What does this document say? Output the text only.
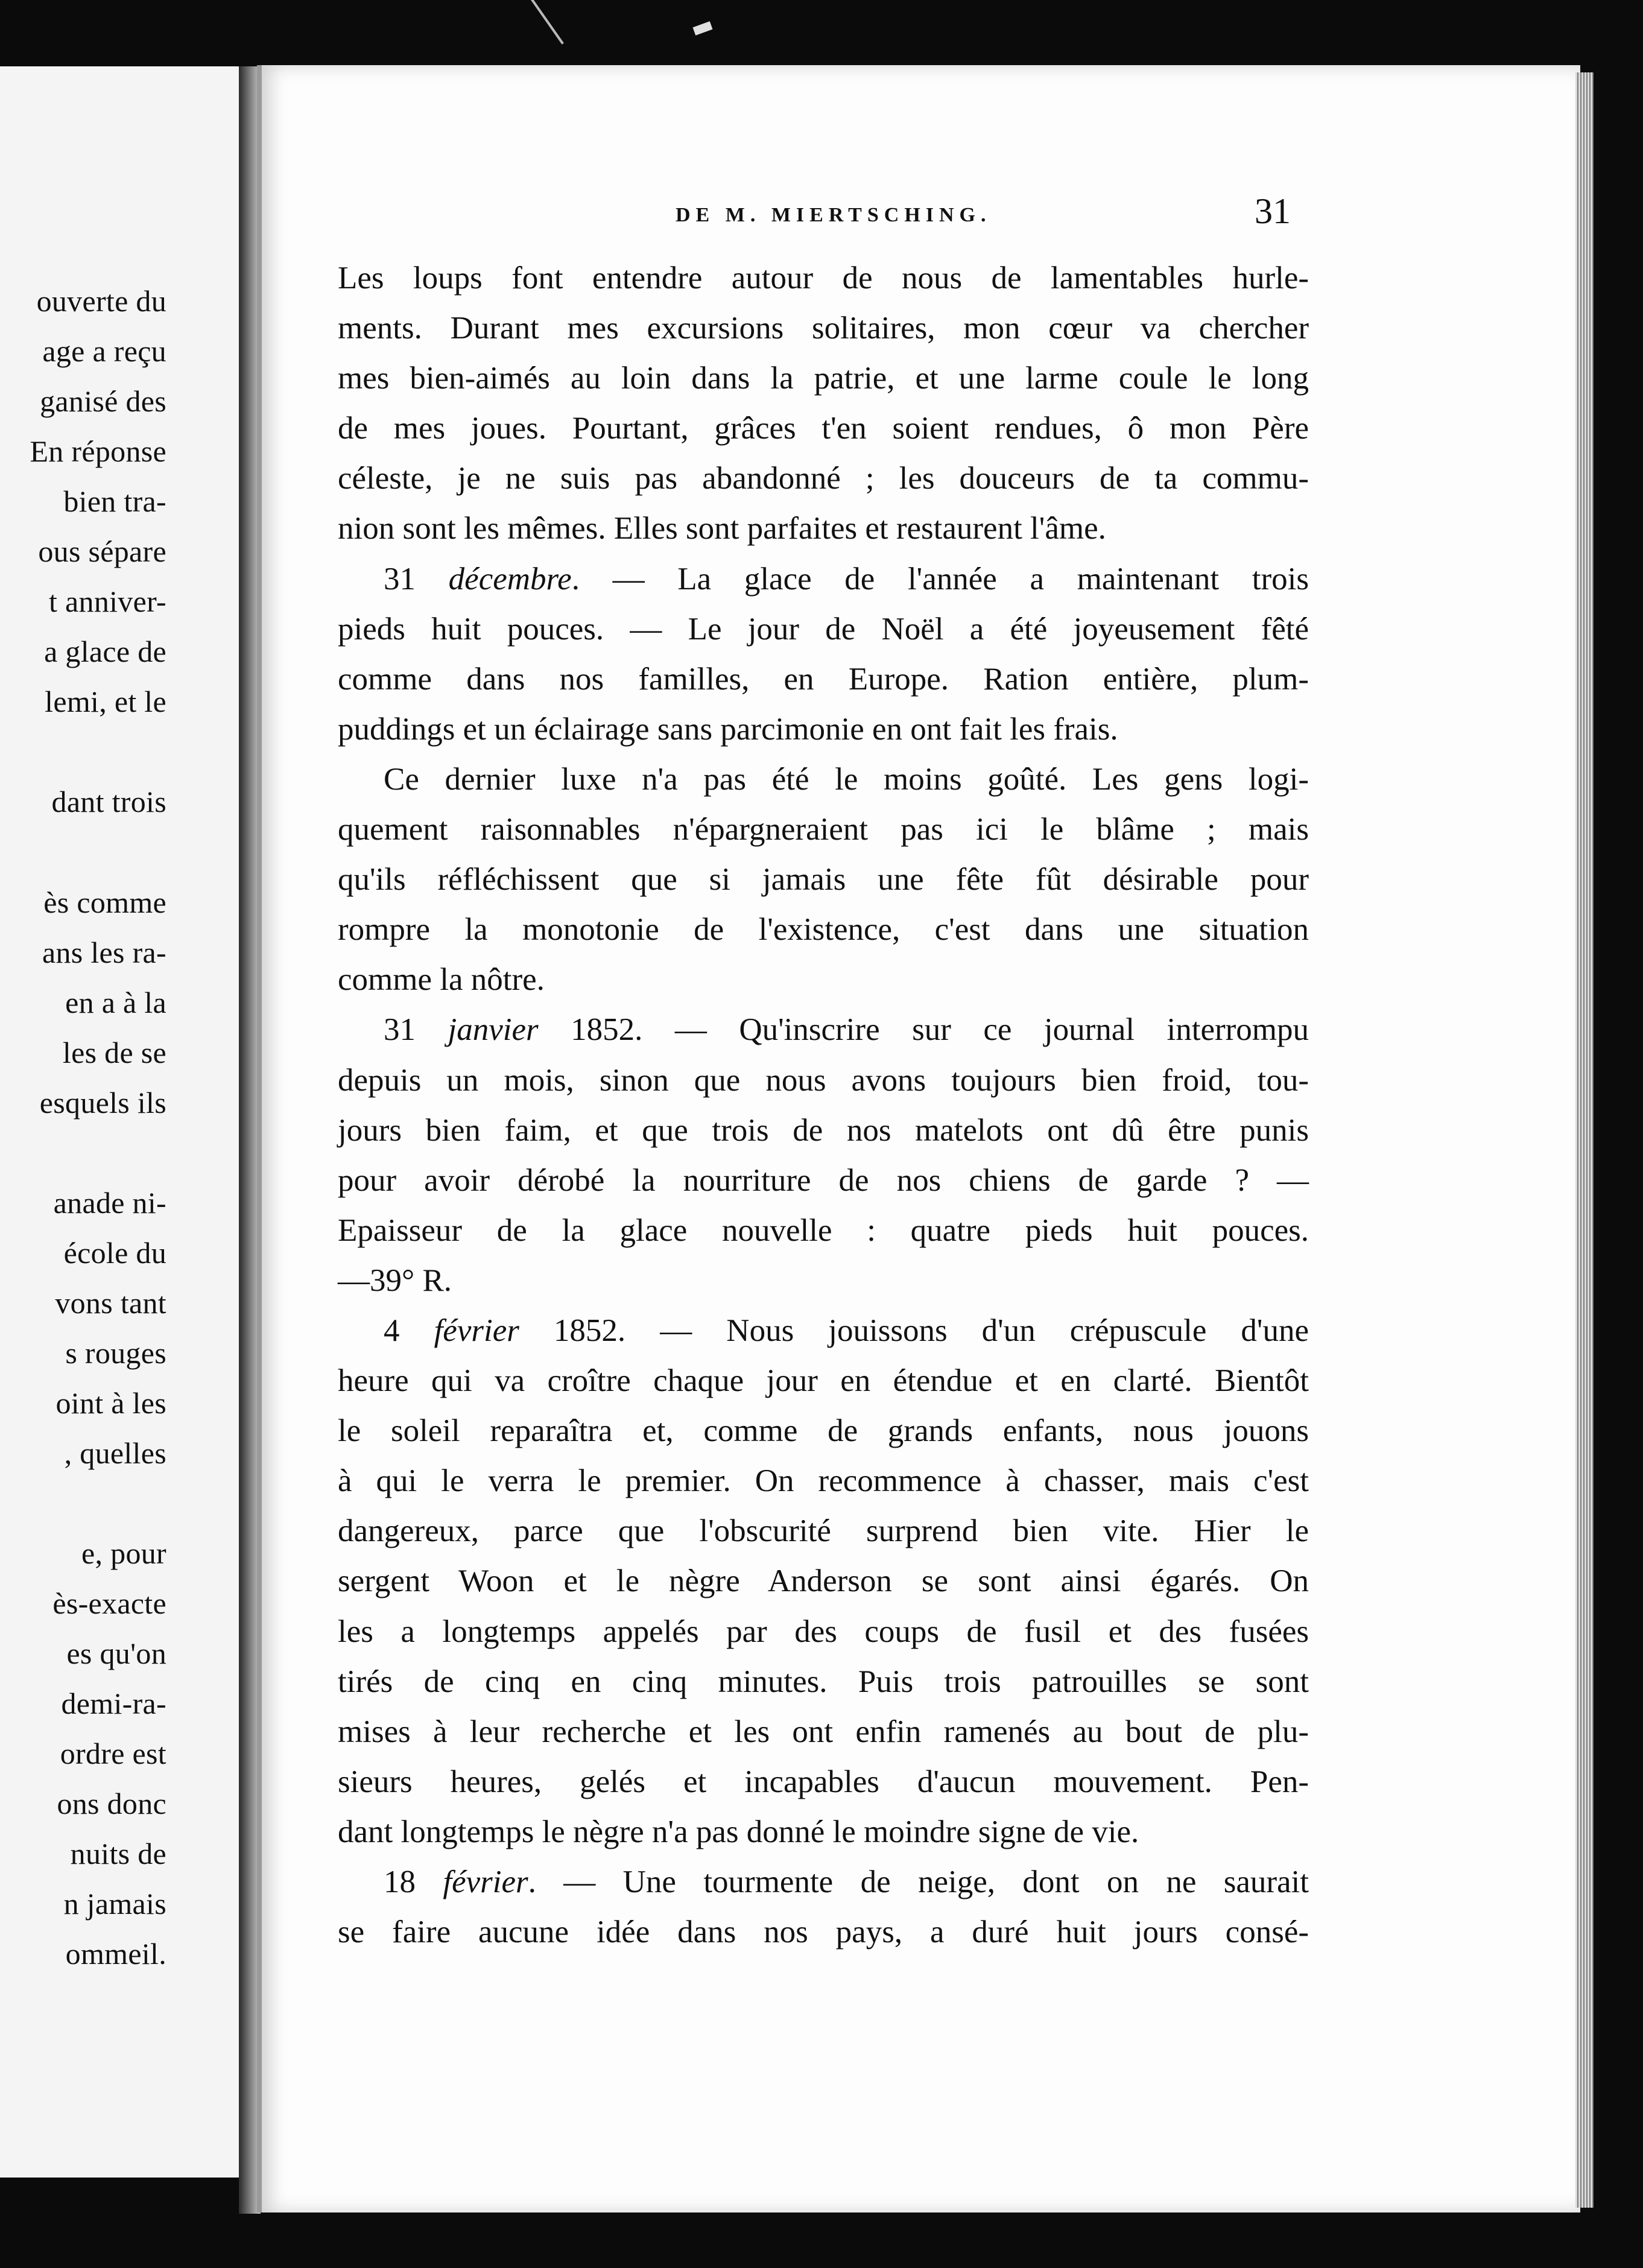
ouverte du
age a reçu
ganisé des
En réponse
bien tra-
ous sépare
t anniver-
a glace de
lemi, et le
dant trois
ès comme
ans les ra-
en a à la
les de se
esquels ils
anade ni-
école du
vons tant
s rouges
oint à les
, quelles
e, pour
ès-exacte
es qu'on
demi-ra-
ordre est
ons donc
nuits de
n jamais
ommeil.
DE M. MIERTSCHING.	31
Les loups font entendre autour de nous de lamentables hurle-
ments. Durant mes excursions solitaires, mon cœur va chercher
mes bien-aimés au loin dans la patrie, et une larme coule le long
de mes joues. Pourtant, grâces t'en soient rendues, ô mon Père
céleste, je ne suis pas abandonné ; les douceurs de ta commu-
nion sont les mêmes. Elles sont parfaites et restaurent l'âme.
31 décembre. — La glace de l'année a maintenant trois
pieds huit pouces. — Le jour de Noël a été joyeusement fêté
comme dans nos familles, en Europe. Ration entière, plum-
puddings et un éclairage sans parcimonie en ont fait les frais.
Ce dernier luxe n'a pas été le moins goûté. Les gens logi-
quement raisonnables n'épargneraient pas ici le blâme ; mais
qu'ils réfléchissent que si jamais une fête fût désirable pour
rompre la monotonie de l'existence, c'est dans une situation
comme la nôtre.
31 janvier 1852. — Qu'inscrire sur ce journal interrompu
depuis un mois, sinon que nous avons toujours bien froid, tou-
jours bien faim, et que trois de nos matelots ont dû être punis
pour avoir dérobé la nourriture de nos chiens de garde ? —
Epaisseur de la glace nouvelle : quatre pieds huit pouces.
—39° R.
4 février 1852. — Nous jouissons d'un crépuscule d'une
heure qui va croître chaque jour en étendue et en clarté. Bientôt
le soleil reparaîtra et, comme de grands enfants, nous jouons
à qui le verra le premier. On recommence à chasser, mais c'est
dangereux, parce que l'obscurité surprend bien vite. Hier le
sergent Woon et le nègre Anderson se sont ainsi égarés. On
les a longtemps appelés par des coups de fusil et des fusées
tirés de cinq en cinq minutes. Puis trois patrouilles se sont
mises à leur recherche et les ont enfin ramenés au bout de plu-
sieurs heures, gelés et incapables d'aucun mouvement. Pen-
dant longtemps le nègre n'a pas donné le moindre signe de vie.
18 février. — Une tourmente de neige, dont on ne saurait
se faire aucune idée dans nos pays, a duré huit jours consé-
